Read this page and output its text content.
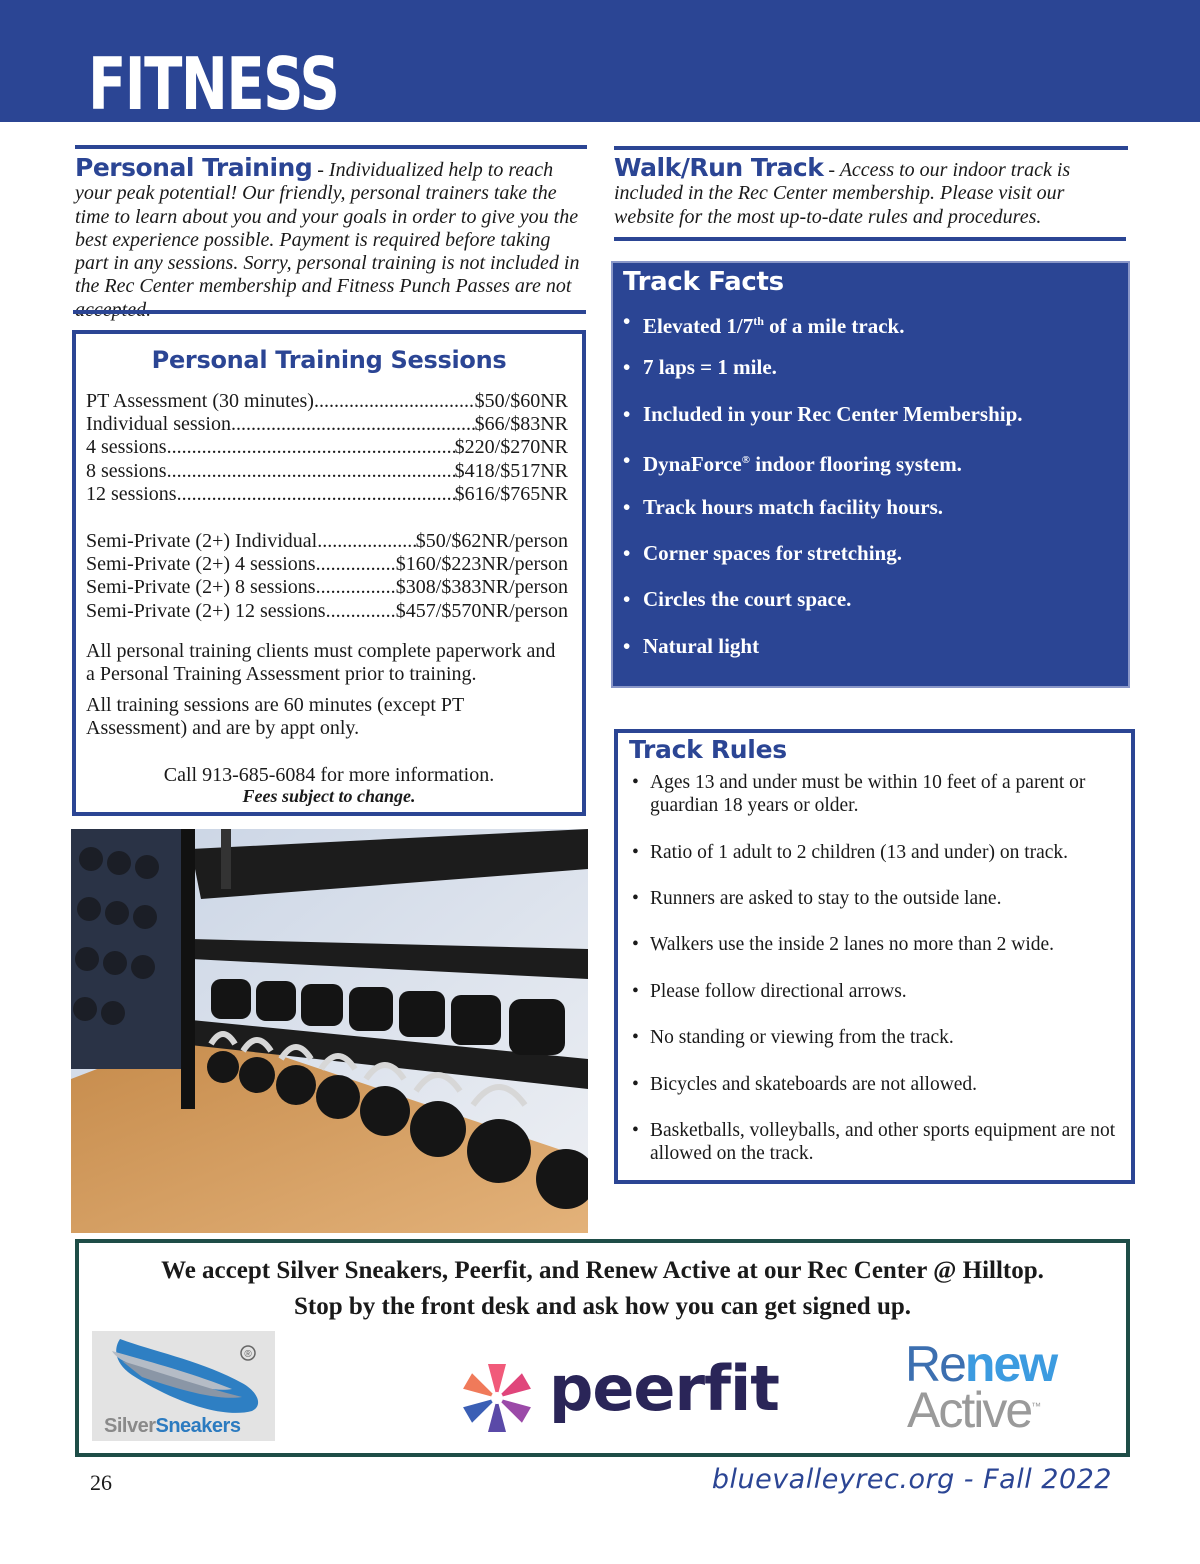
FITNESS
Personal Training - Individualized help to reach your peak potential! Our friendly, personal trainers take the time to learn about you and your goals in order to give you the best experience possible. Payment is required before taking part in any sessions. Sorry, personal training is not included in the Rec Center membership and Fitness Punch Passes are not
Personal Training Sessions
PT Assessment (30 minutes) .....	$50/$60NR
Individual session .....	$66/$83NR
4 sessions .....	$220/$270NR
8 sessions .....	$418/$517NR
12 sessions .....	$616/$765NR
Semi-Private (2+) Individual .....	$50/$62NR/person
Semi-Private (2+) 4 sessions .....	$160/$223NR/person
Semi-Private (2+) 8 sessions .....	$308/$383NR/person
Semi-Private (2+) 12 sessions .....	$457/$570NR/person
All personal training clients must complete paperwork and a Personal Training Assessment prior to training.
All training sessions are 60 minutes (except PT Assessment) and are by appt only.
Call 913-685-6084 for more information.
Fees subject to change.
Walk/Run Track - Access to our indoor track is included in the Rec Center membership. Please visit our website for the most up-to-date rules and procedures.
Track Facts
• Elevated 1/7th of a mile track.
• 7 laps = 1 mile.
• Included in your Rec Center Membership.
• DynaForce® indoor flooring system.
• Track hours match facility hours.
• Corner spaces for stretching.
• Circles the court space.
• Natural light
Track Rules
• Ages 13 and under must be within 10 feet of a parent or guardian 18 years or older.
• Ratio of 1 adult to 2 children (13 and under) on track.
• Runners are asked to stay to the outside lane.
• Walkers use the inside 2 lanes no more than 2 wide.
• Please follow directional arrows.
• No standing or viewing from the track.
• Bicycles and skateboards are not allowed.
• Basketballs, volleyballs, and other sports equipment are not allowed on the track.
We accept Silver Sneakers, Peerfit, and Renew Active at our Rec Center @ Hilltop.
Stop by the front desk and ask how you can get signed up.
®
SilverSneakers
peerfit	Renew
Active™
26	bluevalleyrec.org - Fall 2022
